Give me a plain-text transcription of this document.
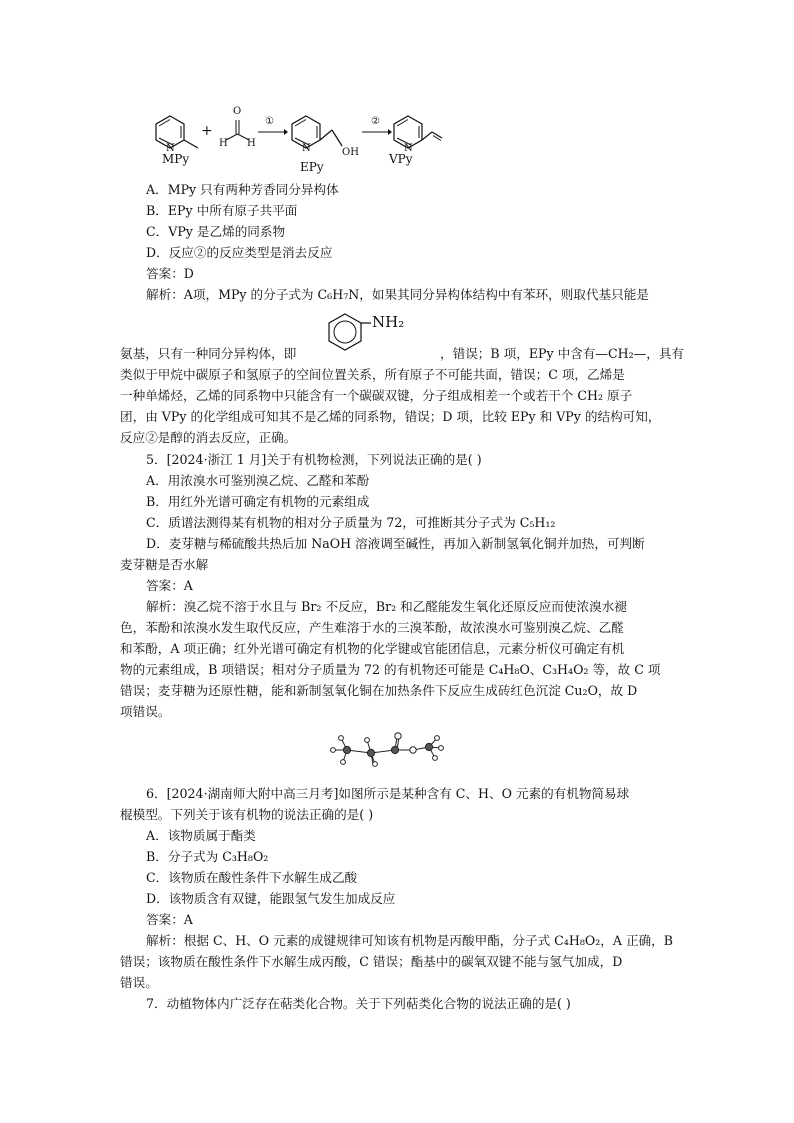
N
MPy
+
O
H H
①
N	OH
EPy
②
N
VPy
A．MPy 只有两种芳香同分异构体
B．EPy 中所有原子共平面
C．VPy 是乙烯的同系物
D．反应②的反应类型是消去反应
答案：D
解析：A项，MPy 的分子式为 C₆H₇N，如果其同分异构体结构中有苯环，则取代基只能是
NH₂
氨基，只有一种同分异构体，即	，错误；B 项，EPy 中含有—CH₂—，具有
类似于甲烷中碳原子和氢原子的空间位置关系，所有原子不可能共面，错误；C 项，乙烯是
一种单烯烃，乙烯的同系物中只能含有一个碳碳双键，分子组成相差一个或若干个 CH₂ 原子
团，由 VPy 的化学组成可知其不是乙烯的同系物，错误；D 项，比较 EPy 和 VPy 的结构可知，
反应②是醇的消去反应，正确。
5．[2024·浙江 1 月]关于有机物检测，下列说法正确的是( )
A．用浓溴水可鉴别溴乙烷、乙醛和苯酚
B．用红外光谱可确定有机物的元素组成
C．质谱法测得某有机物的相对分子质量为 72，可推断其分子式为 C₅H₁₂
D．麦芽糖与稀硫酸共热后加 NaOH 溶液调至碱性，再加入新制氢氧化铜并加热，可判断
麦芽糖是否水解
答案：A
解析：溴乙烷不溶于水且与 Br₂ 不反应，Br₂ 和乙醛能发生氧化还原反应而使浓溴水褪
色，苯酚和浓溴水发生取代反应，产生难溶于水的三溴苯酚，故浓溴水可鉴别溴乙烷、乙醛
和苯酚，A 项正确；红外光谱可确定有机物的化学键或官能团信息，元素分析仪可确定有机
物的元素组成，B 项错误；相对分子质量为 72 的有机物还可能是 C₄H₈O、C₃H₄O₂ 等，故 C 项
错误；麦芽糖为还原性糖，能和新制氢氧化铜在加热条件下反应生成砖红色沉淀 Cu₂O，故 D
项错误。
6．[2024·湖南师大附中高三月考]如图所示是某种含有 C、H、O 元素的有机物简易球
棍模型。下列关于该有机物的说法正确的是( )
A．该物质属于酯类
B．分子式为 C₃H₈O₂
C．该物质在酸性条件下水解生成乙酸
D．该物质含有双键，能跟氢气发生加成反应
答案：A
解析：根据 C、H、O 元素的成键规律可知该有机物是丙酸甲酯，分子式 C₄H₈O₂，A 正确，B
错误；该物质在酸性条件下水解生成丙酸，C 错误；酯基中的碳氧双键不能与氢气加成，D
错误。
7．动植物体内广泛存在萜类化合物。关于下列萜类化合物的说法正确的是( )
